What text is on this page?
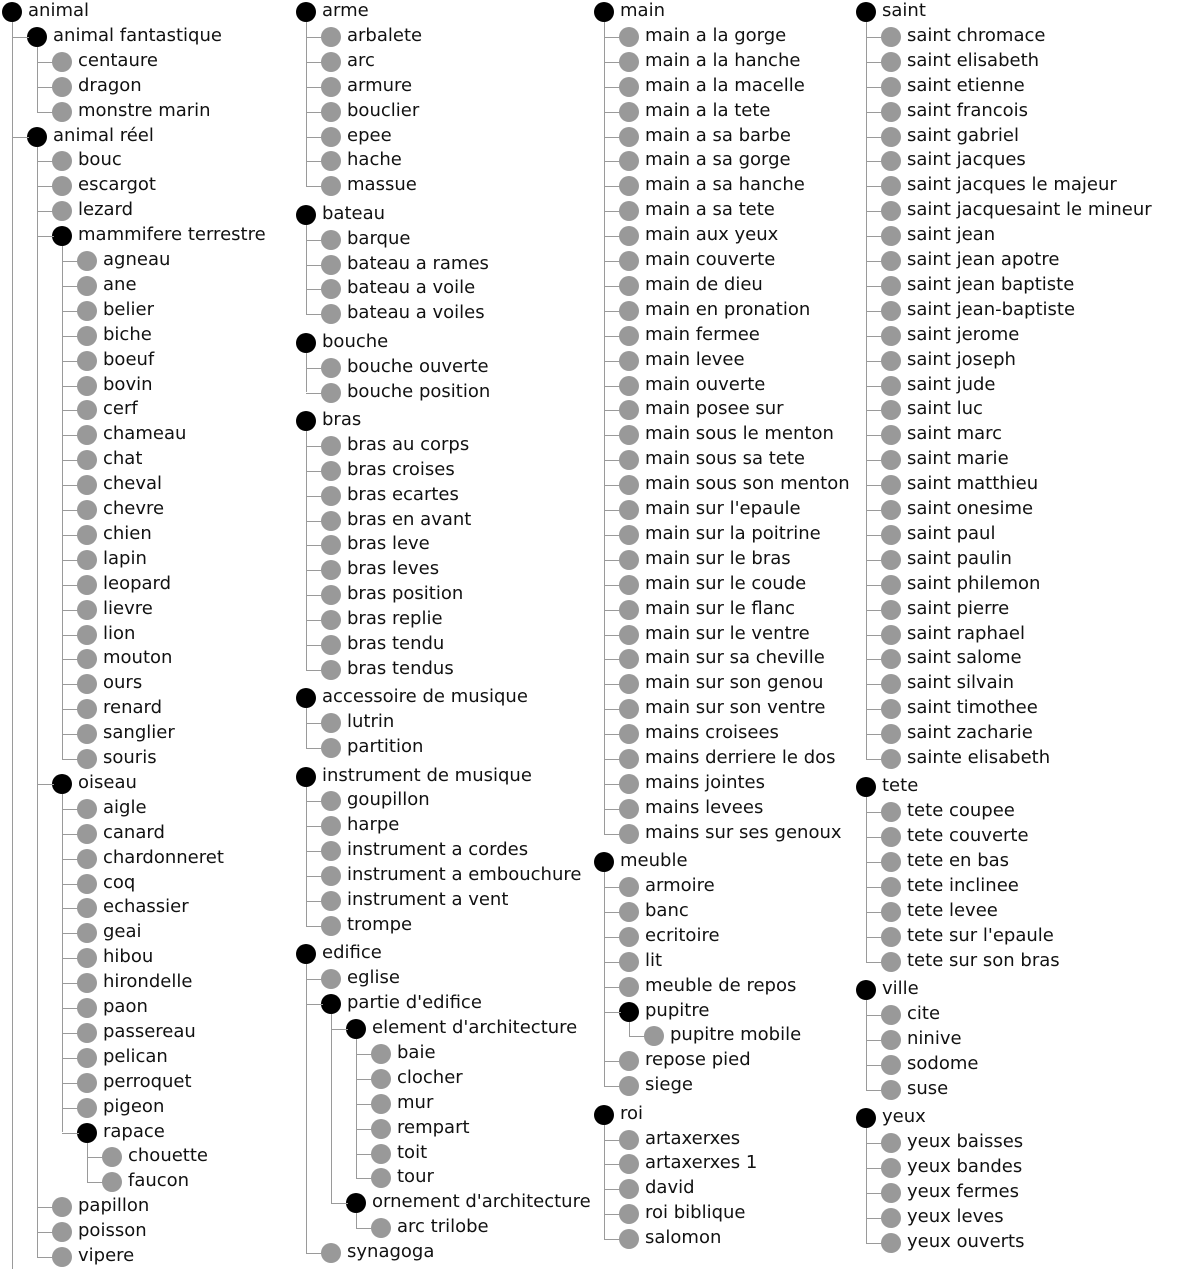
animal
animal fantastique
centaure
dragon
monstre marin
animal réel
bouc
escargot
lezard
mammifere terrestre
agneau
ane
belier
biche
boeuf
bovin
cerf
chameau
chat
cheval
chevre
chien
lapin
leopard
lievre
lion
mouton
ours
renard
sanglier
souris
oiseau
aigle
canard
chardonneret
coq
echassier
geai
hibou
hirondelle
paon
passereau
pelican
perroquet
pigeon
rapace
chouette
faucon
papillon
poisson
vipere
arme
arbalete
arc
armure
bouclier
epee
hache
massue
bateau
barque
bateau a rames
bateau a voile
bateau a voiles
bouche
bouche ouverte
bouche position
bras
bras au corps
bras croises
bras ecartes
bras en avant
bras leve
bras leves
bras position
bras replie
bras tendu
bras tendus
accessoire de musique
lutrin
partition
instrument de musique
goupillon
harpe
instrument a cordes
instrument a embouchure
instrument a vent
trompe
edifice
eglise
partie d'edifice
element d'architecture
baie
clocher
mur
rempart
toit
tour
ornement d'architecture
arc trilobe
synagoga
main
main a la gorge
main a la hanche
main a la macelle
main a la tete
main a sa barbe
main a sa gorge
main a sa hanche
main a sa tete
main aux yeux
main couverte
main de dieu
main en pronation
main fermee
main levee
main ouverte
main posee sur
main sous le menton
main sous sa tete
main sous son menton
main sur l'epaule
main sur la poitrine
main sur le bras
main sur le coude
main sur le flanc
main sur le ventre
main sur sa cheville
main sur son genou
main sur son ventre
mains croisees
mains derriere le dos
mains jointes
mains levees
mains sur ses genoux
meuble
armoire
banc
ecritoire
lit
meuble de repos
pupitre
pupitre mobile
repose pied
siege
roi
artaxerxes
artaxerxes 1
david
roi biblique
salomon
saint
saint chromace
saint elisabeth
saint etienne
saint francois
saint gabriel
saint jacques
saint jacques le majeur
saint jacquesaint le mineur
saint jean
saint jean apotre
saint jean baptiste
saint jean-baptiste
saint jerome
saint joseph
saint jude
saint luc
saint marc
saint marie
saint matthieu
saint onesime
saint paul
saint paulin
saint philemon
saint pierre
saint raphael
saint salome
saint silvain
saint timothee
saint zacharie
sainte elisabeth
tete
tete coupee
tete couverte
tete en bas
tete inclinee
tete levee
tete sur l'epaule
tete sur son bras
ville
cite
ninive
sodome
suse
yeux
yeux baisses
yeux bandes
yeux fermes
yeux leves
yeux ouverts
